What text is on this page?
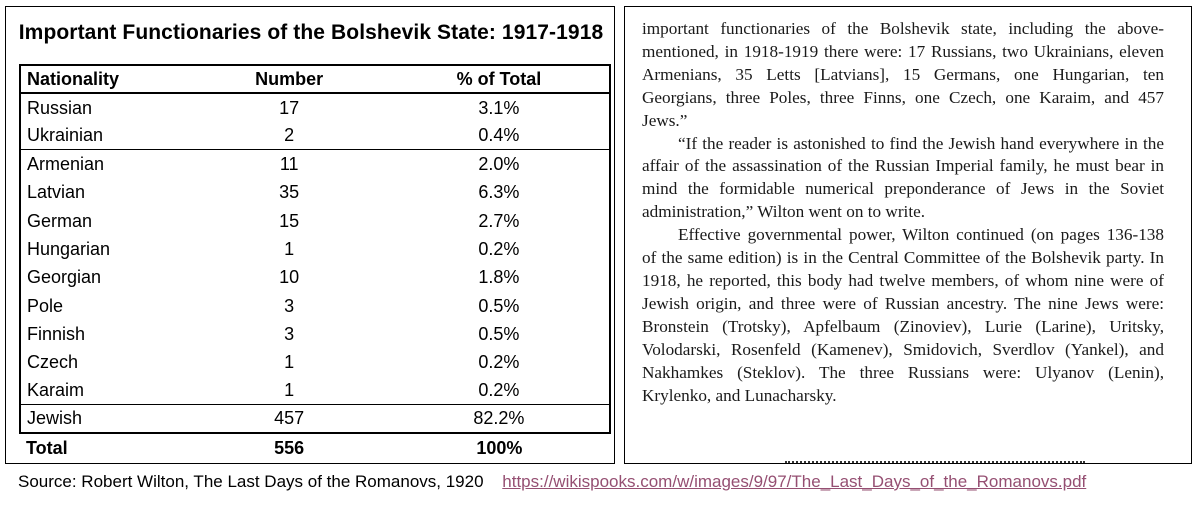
Important Functionaries of the Bolshevik State: 1917-1918
Nationality	Number	% of Total
Russian	17	3.1%
Ukrainian	2	0.4%
Armenian	11	2.0%
Latvian	35	6.3%
German	15	2.7%
Hungarian	1	0.2%
Georgian	10	1.8%
Pole	3	0.5%
Finnish	3	0.5%
Czech	1	0.2%
Karaim	1	0.2%
Jewish	457	82.2%
Total	556	100%

important functionaries of the Bolshevik state, including the above-mentioned, in 1918-1919 there were: 17 Russians, two Ukrainians, eleven Armenians, 35 Letts [Latvians], 15 Germans, one Hungarian, ten Georgians, three Poles, three Finns, one Czech, one Karaim, and 457 Jews.”

“If the reader is astonished to find the Jewish hand everywhere in the affair of the assassination of the Russian Imperial family, he must bear in mind the formidable numerical preponderance of Jews in the Soviet administration,” Wilton went on to write.

Effective governmental power, Wilton continued (on pages 136-138 of the same edition) is in the Central Committee of the Bolshevik party. In 1918, he reported, this body had twelve members, of whom nine were of Jewish origin, and three were of Russian ancestry. The nine Jews were: Bronstein (Trotsky), Apfelbaum (Zinoviev), Lurie (Larine), Uritsky, Volodarski, Rosenfeld (Kamenev), Smidovich, Sverdlov (Yankel), and Nakhamkes (Steklov). The three Russians were: Ulyanov (Lenin), Krylenko, and Lunacharsky.

Source: Robert Wilton, The Last Days of the Romanovs, 1920 https://wikispooks.com/w/images/9/97/The_Last_Days_of_the_Romanovs.pdf
